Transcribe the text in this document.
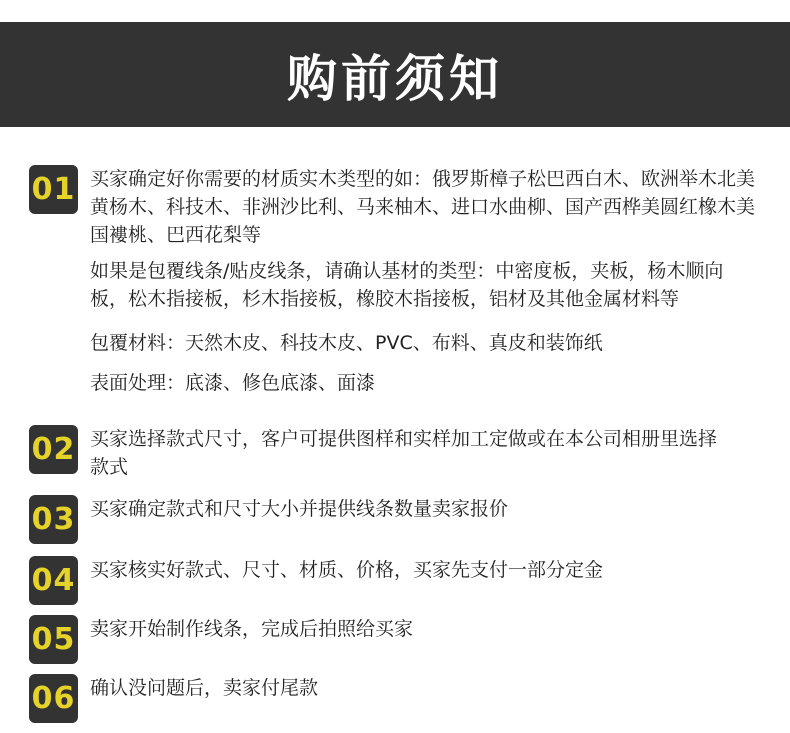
购前须知
01 买家确定好你需要的材质实木类型的如：俄罗斯樟子松巴西白木、欧洲举木北美黄杨木、科技木、非洲沙比利、马来柚木、进口水曲柳、国产西桦美圆红橡木美国褸桃、巴西花梨等

如果是包覆线条/贴皮线条，请确认基材的类型：中密度板，夹板，杨木顺向板，松木指接板，杉木指接板，橡胶木指接板，铝材及其他金属材料等

包覆材料：天然木皮、科技木皮、PVC、布料、真皮和装饰纸

表面处理：底漆、修色底漆、面漆

02 买家选择款式尺寸，客户可提供图样和实样加工定做或在本公司相册里选择款式

03 买家确定款式和尺寸大小并提供线条数量卖家报价

04 买家核实好款式、尺寸、材质、价格，买家先支付一部分定金

05 卖家开始制作线条，完成后拍照给买家

06 确认没问题后，卖家付尾款
